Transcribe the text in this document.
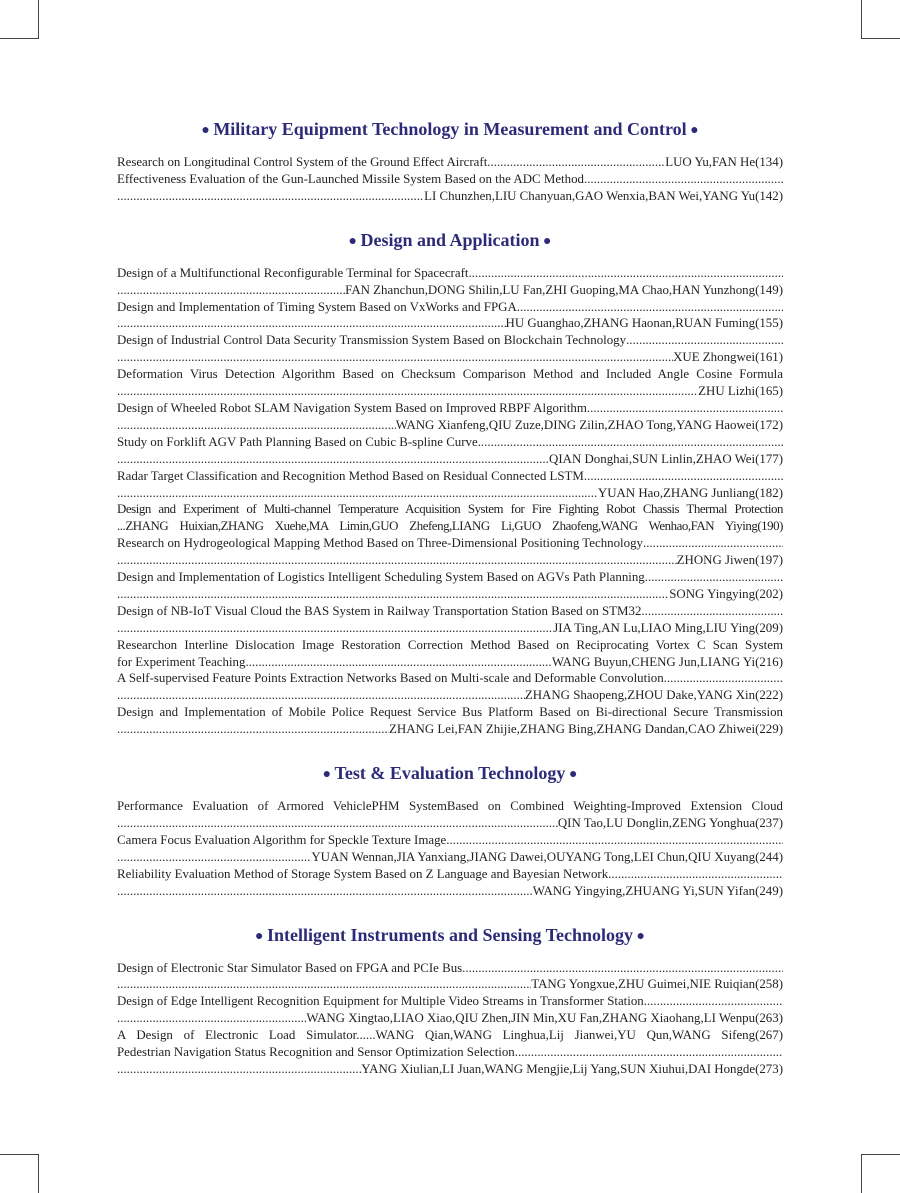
● Military Equipment Technology in Measurement and Control ●
Research on Longitudinal Control System of the Ground Effect Aircraft .....	LUO Yu,FAN He(134)
Effectiveness Evaluation of the Gun-Launched Missile System Based on the ADC Method
.....
.....
LI Chunzhen,LIU Chanyuan,GAO Wenxia,BAN Wei,YANG Yu(142)
● Design and Application ●
Design of a Multifunctional Reconfigurable Terminal for Spacecraft
.....
.....
FAN Zhanchun,DONG Shilin,LU Fan,ZHI Guoping,MA Chao,HAN Yunzhong(149)
Design and Implementation of Timing System Based on VxWorks and FPGA
.....
.....
HU Guanghao,ZHANG Haonan,RUAN Fuming(155)
Design of Industrial Control Data Security Transmission System Based on Blockchain Technology
.....
.....
XUE Zhongwei(161)
Deformation Virus Detection Algorithm Based on Checksum Comparison Method and Included Angle Cosine Formula
.....
ZHU Lizhi(165)
Design of Wheeled Robot SLAM Navigation System Based on Improved RBPF Algorithm
.....
.....
WANG Xianfeng,QIU Zuze,DING Zilin,ZHAO Tong,YANG Haowei(172)
Study on Forklift AGV Path Planning Based on Cubic B-spline Curve
.....
.....
QIAN Donghai,SUN Linlin,ZHAO Wei(177)
Radar Target Classification and Recognition Method Based on Residual Connected LSTM
.....
.....
YUAN Hao,ZHANG Junliang(182)
Design and Experiment of Multi-channel Temperature Acquisition System for Fire Fighting Robot Chassis Thermal Protection
...ZHANG Huixian,ZHANG Xuehe,MA Limin,GUO Zhefeng,LIANG Li,GUO Zhaofeng,WANG Wenhao,FAN Yiying(190)
Research on Hydrogeological Mapping Method Based on Three-Dimensional Positioning Technology
.....
.....
ZHONG Jiwen(197)
Design and Implementation of Logistics Intelligent Scheduling System Based on AGVs Path Planning
.....
.....
SONG Yingying(202)
Design of NB-IoT Visual Cloud the BAS System in Railway Transportation Station Based on STM32
.....
.....
JIA Ting,AN Lu,LIAO Ming,LIU Ying(209)
Researchon Interline Dislocation Image Restoration Correction Method Based on Reciprocating Vortex C Scan System
for Experiment Teaching .....	WANG Buyun,CHENG Jun,LIANG Yi(216)
A Self-supervised Feature Points Extraction Networks Based on Multi-scale and Deformable Convolution
.....
.....
ZHANG Shaopeng,ZHOU Dake,YANG Xin(222)
Design and Implementation of Mobile Police Request Service Bus Platform Based on Bi-directional Secure Transmission
.....
ZHANG Lei,FAN Zhijie,ZHANG Bing,ZHANG Dandan,CAO Zhiwei(229)
● Test & Evaluation Technology ●
Performance Evaluation of Armored VehiclePHM SystemBased on Combined Weighting-Improved Extension Cloud
.....
QIN Tao,LU Donglin,ZENG Yonghua(237)
Camera Focus Evaluation Algorithm for Speckle Texture Image
.....
.....
YUAN Wennan,JIA Yanxiang,JIANG Dawei,OUYANG Tong,LEI Chun,QIU Xuyang(244)
Reliability Evaluation Method of Storage System Based on Z Language and Bayesian Network
.....
.....
WANG Yingying,ZHUANG Yi,SUN Yifan(249)
● Intelligent Instruments and Sensing Technology ●
Design of Electronic Star Simulator Based on FPGA and PCIe Bus
.....
.....
TANG Yongxue,ZHU Guimei,NIE Ruiqian(258)
Design of Edge Intelligent Recognition Equipment for Multiple Video Streams in Transformer Station
.....
.....
WANG Xingtao,LIAO Xiao,QIU Zhen,JIN Min,XU Fan,ZHANG Xiaohang,LI Wenpu(263)
A Design of Electronic Load Simulator......WANG Qian,WANG Linghua,Lĳ Jianwei,YU Qun,WANG Sifeng(267)
Pedestrian Navigation Status Recognition and Sensor Optimization Selection
.....
.....
YANG Xiulian,LI Juan,WANG Mengjie,Lĳ Yang,SUN Xiuhui,DAI Hongde(273)
